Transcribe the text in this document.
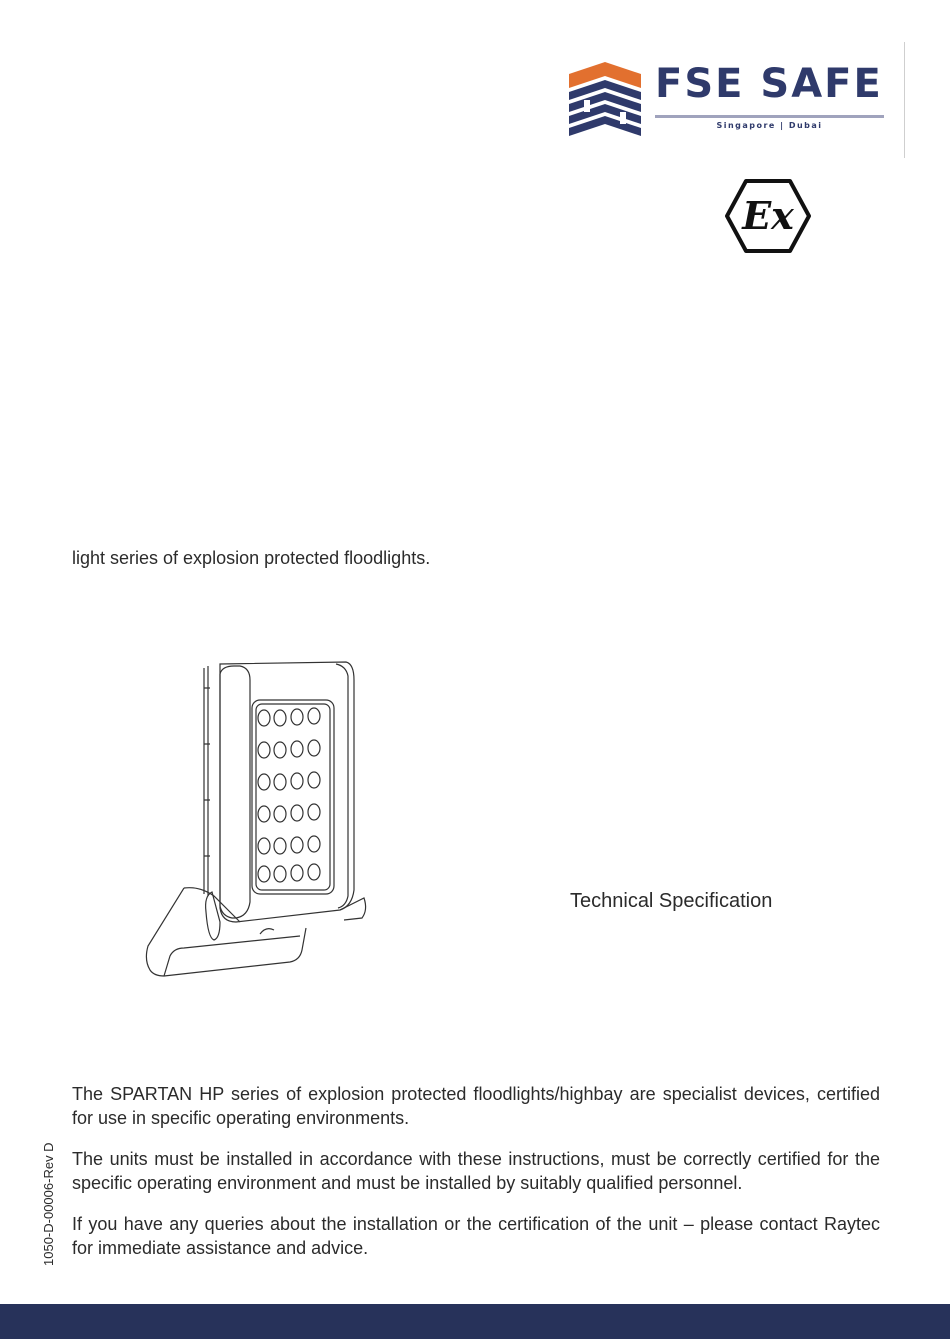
FSE SAFE
Singapore | Dubai
Ex
light series of explosion protected floodlights.
Technical Specification
1050-D-00006-Rev D

The SPARTAN HP series of explosion protected floodlights/highbay are specialist devices, certified for use in specific operating environments.

The units must be installed in accordance with these instructions, must be correctly certified for the specific operating environment and must be installed by suitably qualified personnel.

If you have any queries about the installation or the certification of the unit – please contact Raytec for immediate assistance and advice.
